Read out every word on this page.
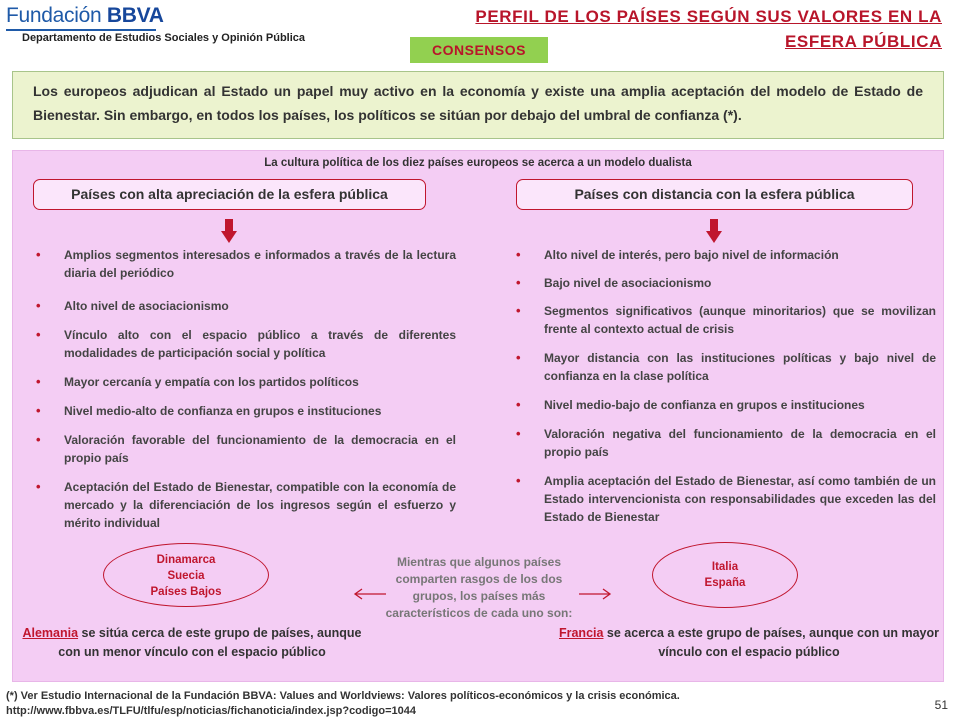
Fundación BBVA
Departamento de Estudios Sociales y Opinión Pública
PERFIL DE LOS PAÍSES SEGÚN SUS VALORES EN LA ESFERA PÚBLICA
CONSENSOS
Los europeos adjudican al Estado un papel muy activo en la economía y existe una amplia aceptación del modelo de Estado de Bienestar. Sin embargo, en todos los países, los políticos se sitúan por debajo del umbral de confianza (*).
La cultura política de los diez países europeos se acerca a un modelo dualista
Países con alta apreciación de la esfera pública	Países con distancia con la esfera pública
• Amplios segmentos interesados e informados a través de la lectura diaria del periódico
• Alto nivel de asociacionismo
• Vínculo alto con el espacio público a través de diferentes modalidades de participación social y política
• Mayor cercanía y empatía con los partidos políticos
• Nivel medio-alto de confianza en grupos e instituciones
• Valoración favorable del funcionamiento de la democracia en el propio país
• Aceptación del Estado de Bienestar, compatible con la economía de mercado y la diferenciación de los ingresos según el esfuerzo y mérito individual
• Alto nivel de interés, pero bajo nivel de información
• Bajo nivel de asociacionismo
• Segmentos significativos (aunque minoritarios) que se movilizan frente al contexto actual de crisis
• Mayor distancia con las instituciones políticas y bajo nivel de confianza en la clase política
• Nivel medio-bajo de confianza en grupos e instituciones
• Valoración negativa del funcionamiento de la democracia en el propio país
• Amplia aceptación del Estado de Bienestar, así como también de un Estado intervencionista con responsabilidades que exceden las del Estado de Bienestar
Dinamarca
Suecia
Países Bajos
Italia
España
Mientras que algunos países comparten rasgos de los dos grupos, los países más característicos de cada uno son:
Alemania se sitúa cerca de este grupo de países, aunque con un menor vínculo con el espacio público
Francia se acerca a este grupo de países, aunque con un mayor vínculo con el espacio público
(*) Ver Estudio Internacional de la Fundación BBVA: Values and Worldviews: Valores políticos-económicos y la crisis económica.
http://www.fbbva.es/TLFU/tlfu/esp/noticias/fichanoticia/index.jsp?codigo=1044	51
